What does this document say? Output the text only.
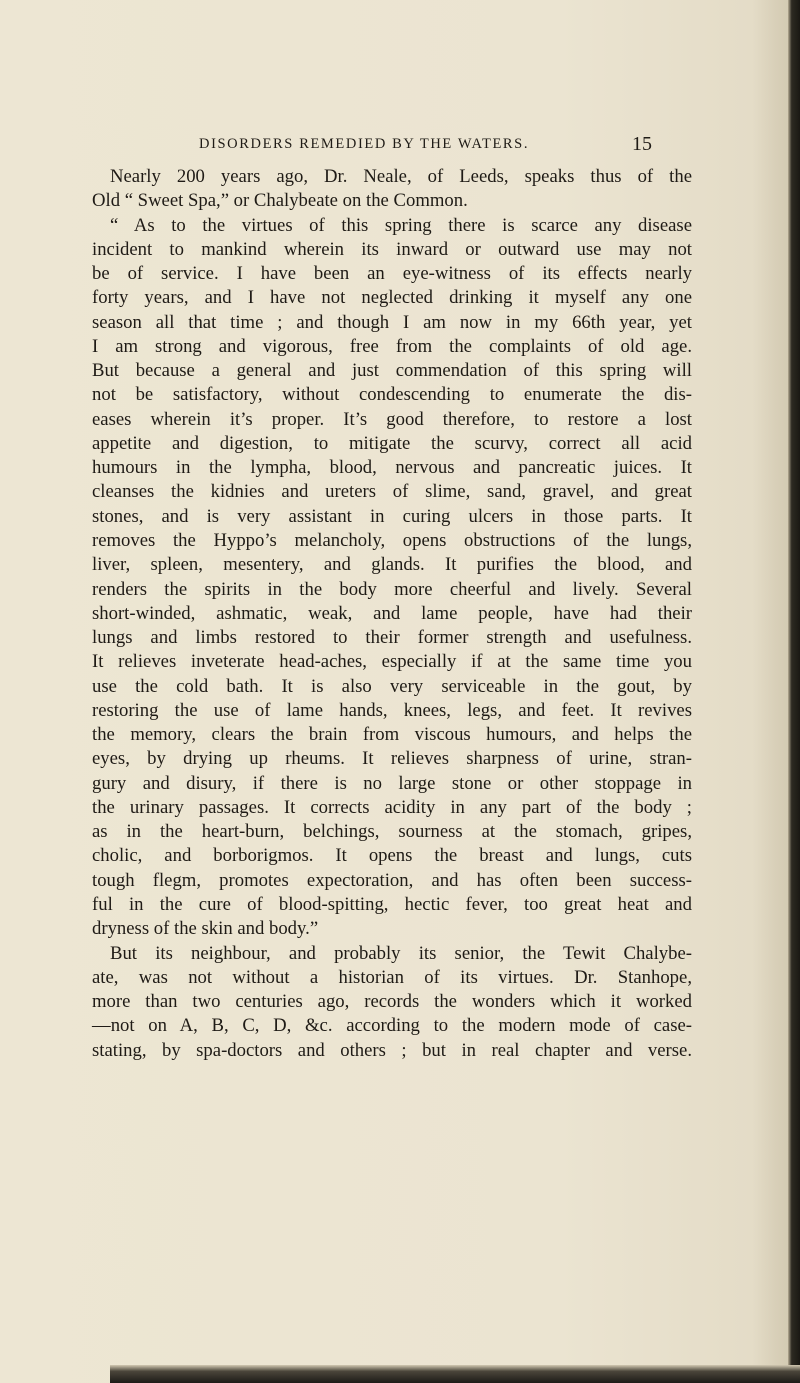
DISORDERS REMEDIED BY THE WATERS.	15
Nearly 200 years ago, Dr. Neale, of Leeds, speaks thus of the
Old “ Sweet Spa,” or Chalybeate on the Common.
“ As to the virtues of this spring there is scarce any disease
incident to mankind wherein its inward or outward use may not
be of service. I have been an eye-witness of its effects nearly
forty years, and I have not neglected drinking it myself any one
season all that time ; and though I am now in my 66th year, yet
I am strong and vigorous, free from the complaints of old age.
But because a general and just commendation of this spring will
not be satisfactory, without condescending to enumerate the dis-
eases wherein it’s proper. It’s good therefore, to restore a lost
appetite and digestion, to mitigate the scurvy, correct all acid
humours in the lympha, blood, nervous and pancreatic juices. It
cleanses the kidnies and ureters of slime, sand, gravel, and great
stones, and is very assistant in curing ulcers in those parts. It
removes the Hyppo’s melancholy, opens obstructions of the lungs,
liver, spleen, mesentery, and glands. It purifies the blood, and
renders the spirits in the body more cheerful and lively. Several
short-winded, ashmatic, weak, and lame people, have had their
lungs and limbs restored to their former strength and usefulness.
It relieves inveterate head-aches, especially if at the same time you
use the cold bath. It is also very serviceable in the gout, by
restoring the use of lame hands, knees, legs, and feet. It revives
the memory, clears the brain from viscous humours, and helps the
eyes, by drying up rheums. It relieves sharpness of urine, stran-
gury and disury, if there is no large stone or other stoppage in
the urinary passages. It corrects acidity in any part of the body ;
as in the heart-burn, belchings, sourness at the stomach, gripes,
cholic, and borborigmos. It opens the breast and lungs, cuts
tough flegm, promotes expectoration, and has often been success-
ful in the cure of blood-spitting, hectic fever, too great heat and
dryness of the skin and body.”
But its neighbour, and probably its senior, the Tewit Chalybe-
ate, was not without a historian of its virtues. Dr. Stanhope,
more than two centuries ago, records the wonders which it worked
—not on A, B, C, D, &c. according to the modern mode of case-
stating, by spa-doctors and others ; but in real chapter and verse.
